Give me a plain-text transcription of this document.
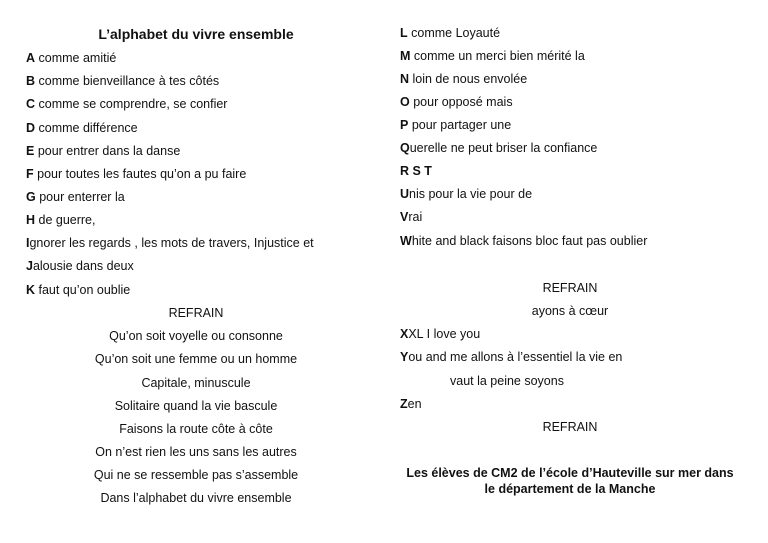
L’alphabet du vivre ensemble
A comme amitié
B comme bienveillance à tes côtés
C comme se comprendre, se confier
D comme différence
E pour entrer dans la danse
F pour toutes les fautes qu’on a pu faire
G pour enterrer la
H de guerre,
Ignorer les regards , les mots de travers, Injustice et
Jalousie dans deux
K faut qu’on oublie
REFRAIN
Qu’on soit voyelle ou consonne
Qu’on soit une femme ou un homme
Capitale, minuscule
Solitaire quand la vie bascule
Faisons la route côte à côte
On n’est rien les uns sans les autres
Qui ne se ressemble pas s’assemble
Dans l’alphabet du vivre ensemble
L comme Loyauté
M comme un merci bien mérité la
N loin de nous envolée
O pour opposé mais
P pour partager une
Querelle ne peut briser la confiance
R S T
Unis pour la vie pour de
Vrai
White and black faisons bloc faut pas oublier
REFRAIN
ayons à cœur
XXL I love you
You and me allons à l’essentiel la vie en
vaut la peine soyons
Zen
REFRAIN
Les élèves de CM2 de l’école d’Hauteville sur mer dans
le département de la Manche
